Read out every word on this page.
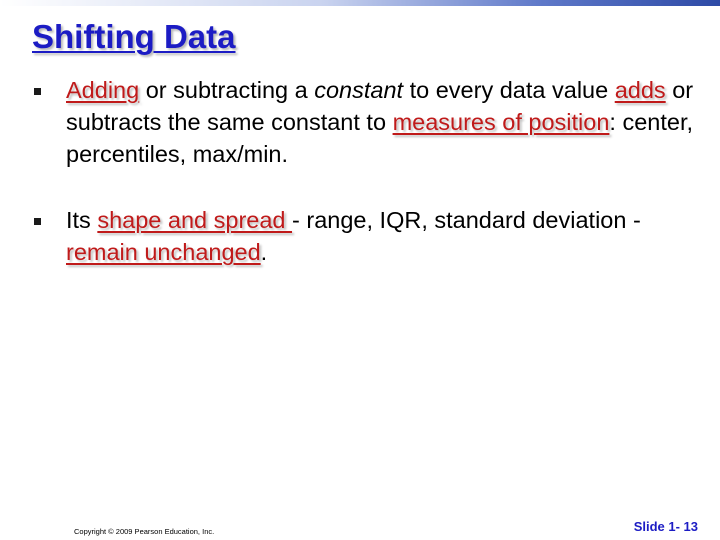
Shifting Data
Adding or subtracting a constant to every data value adds or subtracts the same constant to measures of position: center, percentiles, max/min.
Its shape and spread - range, IQR, standard deviation - remain unchanged.
Copyright © 2009 Pearson Education, Inc.	Slide 1- 13
